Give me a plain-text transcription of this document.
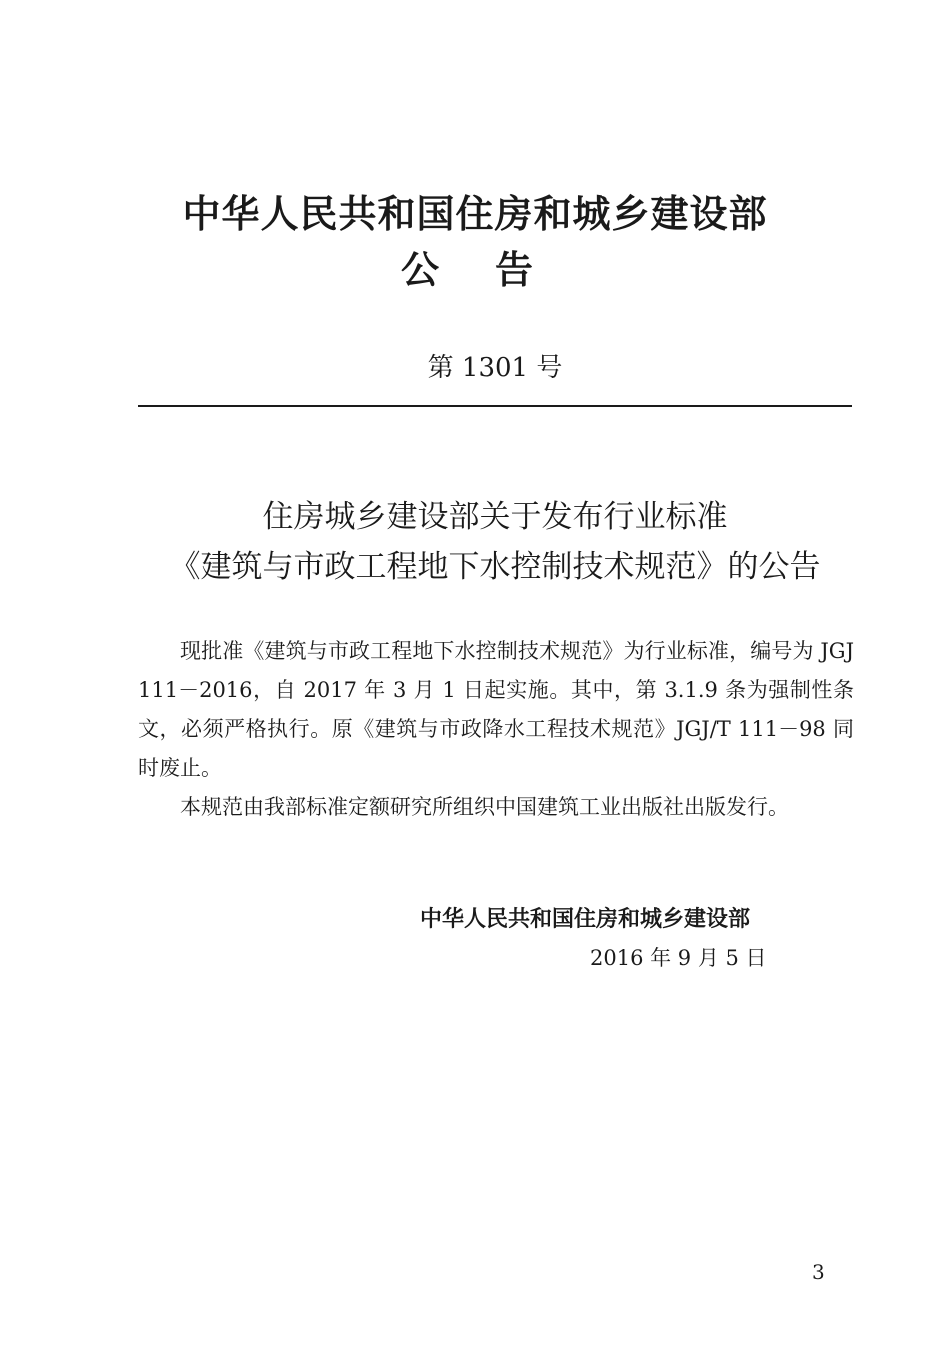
中华人民共和国住房和城乡建设部
公告
第 1301 号
住房城乡建设部关于发布行业标准
《建筑与市政工程地下水控制技术规范》的公告

现批准《建筑与市政工程地下水控制技术规范》为行业标准，编号为 JGJ 111－2016，自 2017 年 3 月 1 日起实施。其中，第 3.1.9 条为强制性条文，必须严格执行。原《建筑与市政降水工程技术规范》JGJ/T 111－98 同时废止。

本规范由我部标准定额研究所组织中国建筑工业出版社出版发行。

中华人民共和国住房和城乡建设部
2016 年 9 月 5 日
3
